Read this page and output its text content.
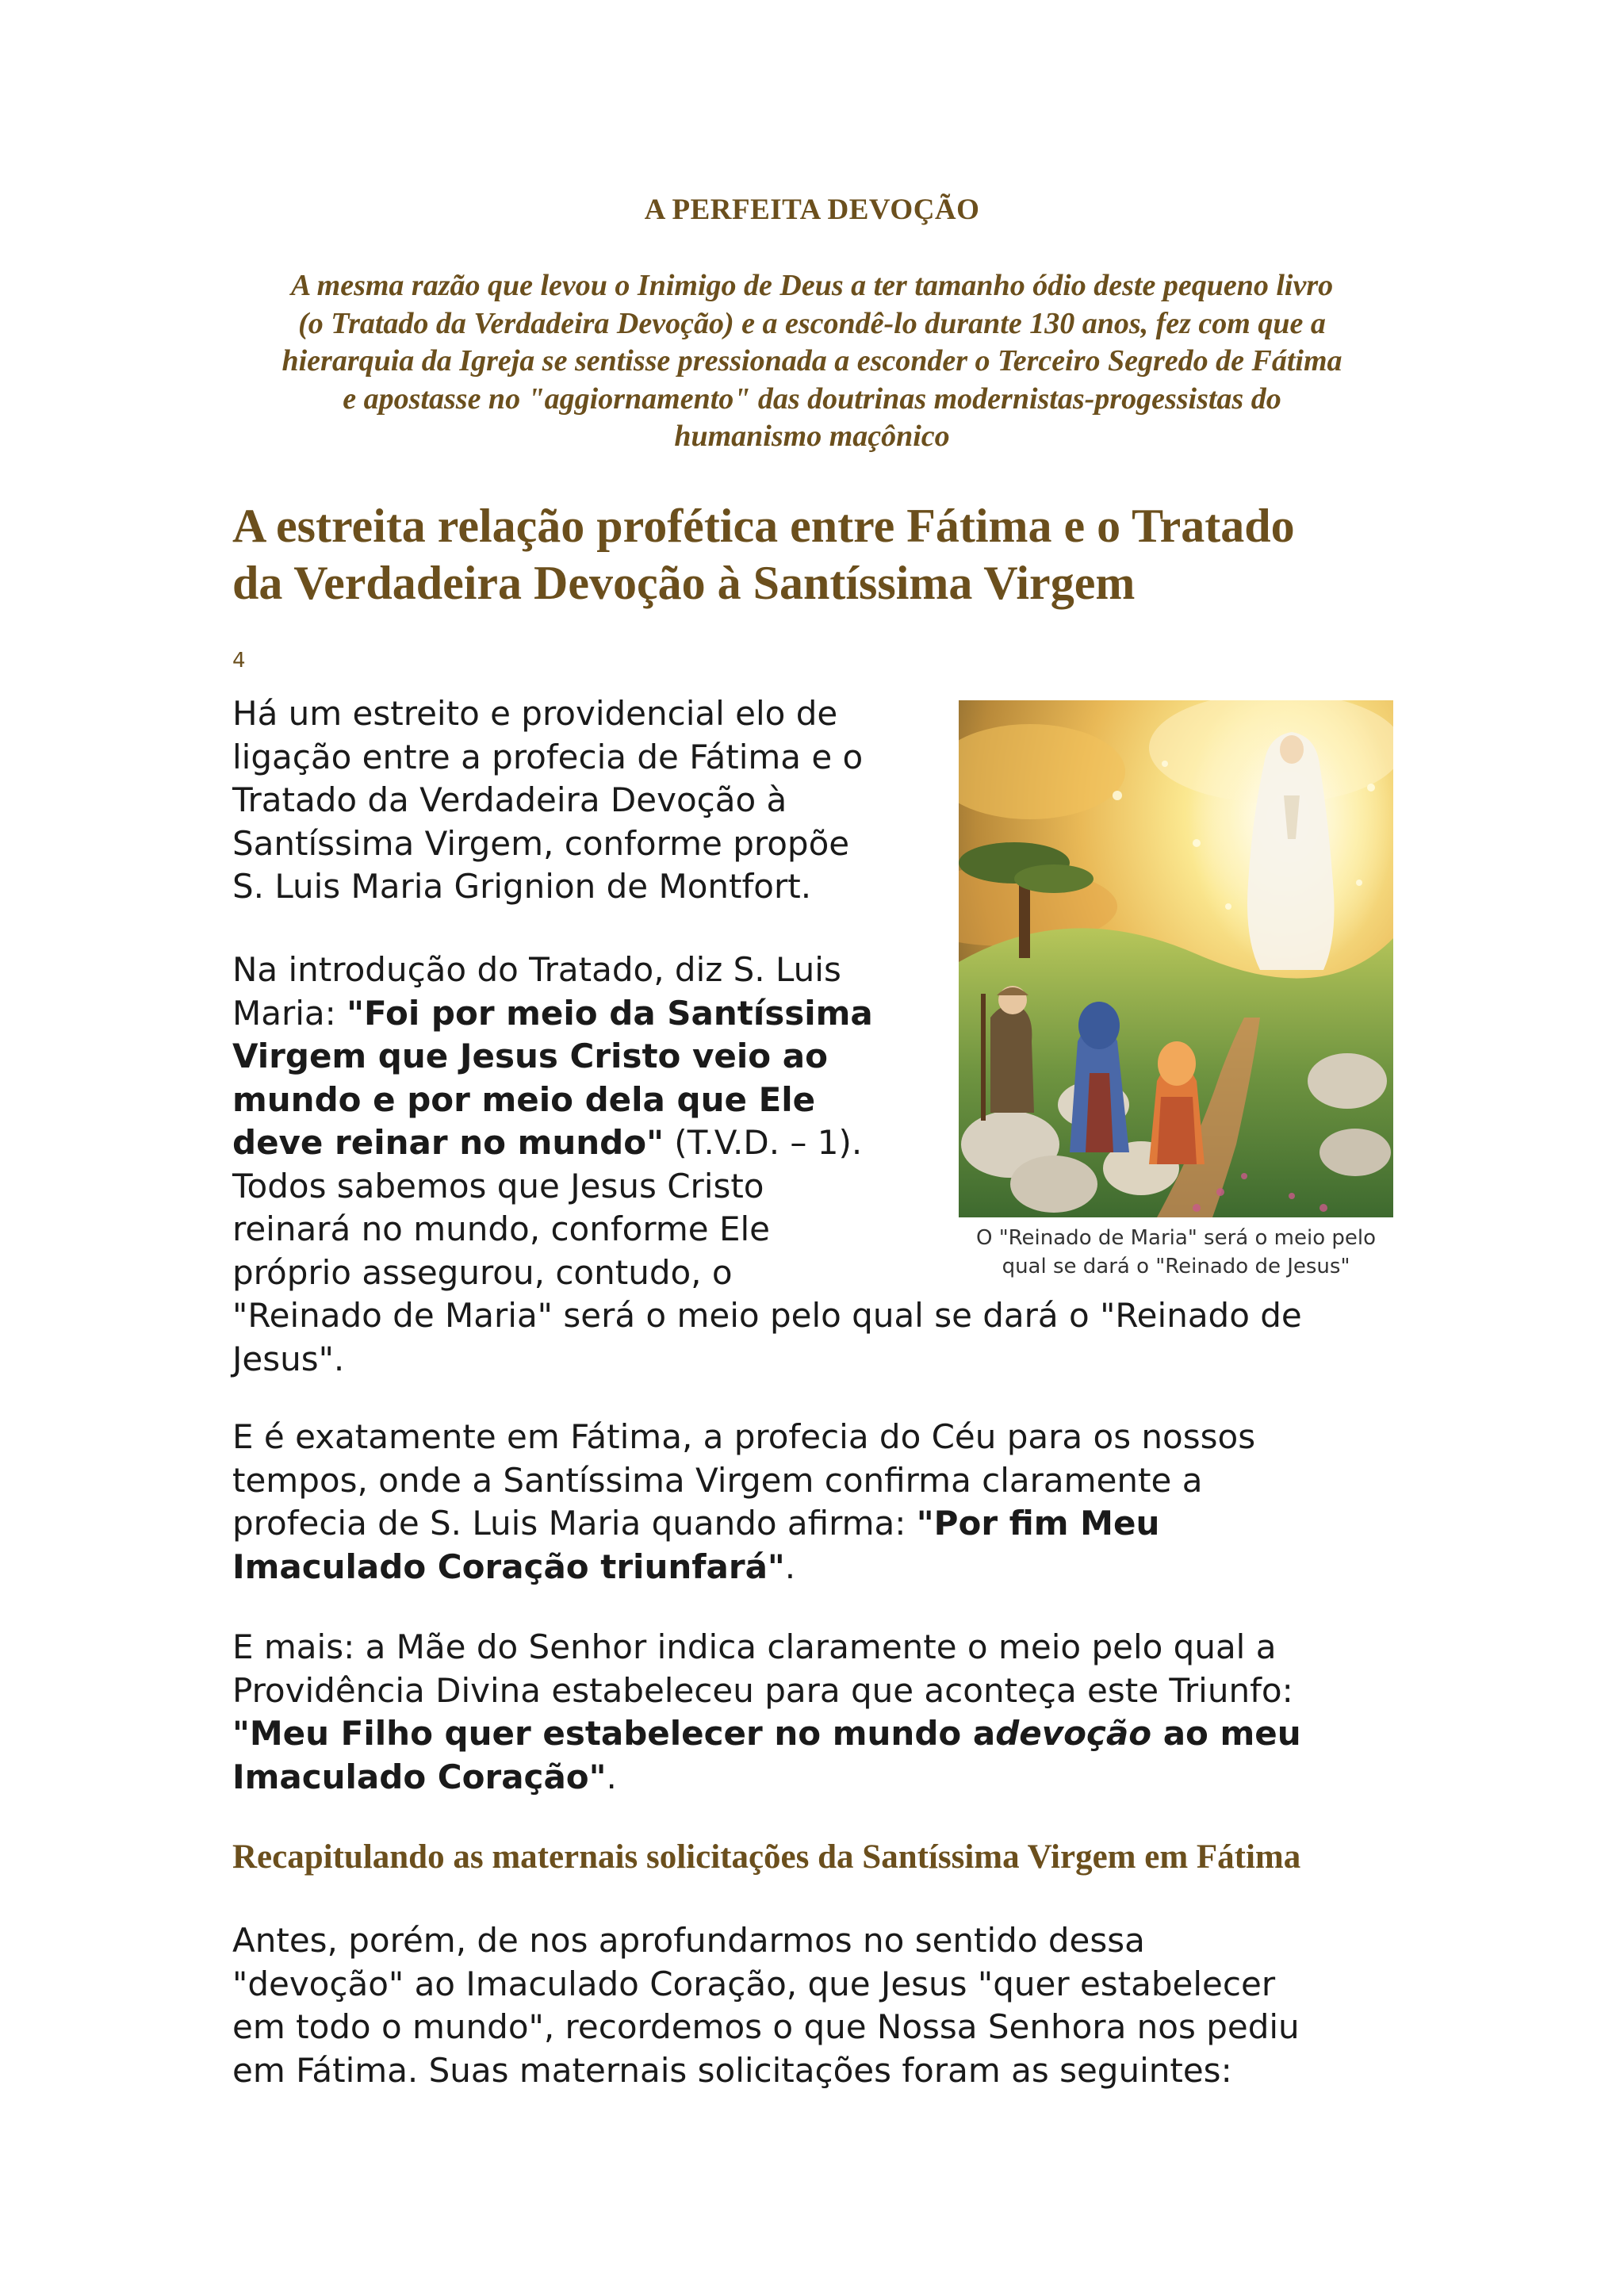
A PERFEITA DEVOÇÃO
A mesma razão que levou o Inimigo de Deus a ter tamanho ódio deste pequeno livro
(o Tratado da Verdadeira Devoção) e a escondê-lo durante 130 anos, fez com que a
hierarquia da Igreja se sentisse pressionada a esconder o Terceiro Segredo de Fátima
e apostasse no "aggiornamento" das doutrinas modernistas-progessistas do
humanismo maçônico
A estreita relação profética entre Fátima e o Tratado
da Verdadeira Devoção à Santíssima Virgem
4

Há um estreito e providencial elo de
ligação entre a profecia de Fátima e o
Tratado da Verdadeira Devoção à
Santíssima Virgem, conforme propõe
S. Luis Maria Grignion de Montfort.

Na introdução do Tratado, diz S. Luis
Maria: "Foi por meio da Santíssima
Virgem que Jesus Cristo veio ao
mundo e por meio dela que Ele
deve reinar no mundo" (T.V.D. – 1).
Todos sabemos que Jesus Cristo
reinará no mundo, conforme Ele
próprio assegurou, contudo, o
"Reinado de Maria" será o meio pelo qual se dará o "Reinado de
Jesus".

O "Reinado de Maria" será o meio pelo
qual se dará o "Reinado de Jesus"

E é exatamente em Fátima, a profecia do Céu para os nossos
tempos, onde a Santíssima Virgem confirma claramente a
profecia de S. Luis Maria quando afirma: "Por fim Meu
Imaculado Coração triunfará".

E mais: a Mãe do Senhor indica claramente o meio pelo qual a
Providência Divina estabeleceu para que aconteça este Triunfo:
"Meu Filho quer estabelecer no mundo adevoção ao meu
Imaculado Coração".

Recapitulando as maternais solicitações da Santíssima Virgem em Fátima

Antes, porém, de nos aprofundarmos no sentido dessa
"devoção" ao Imaculado Coração, que Jesus "quer estabelecer
em todo o mundo", recordemos o que Nossa Senhora nos pediu
em Fátima. Suas maternais solicitações foram as seguintes:
